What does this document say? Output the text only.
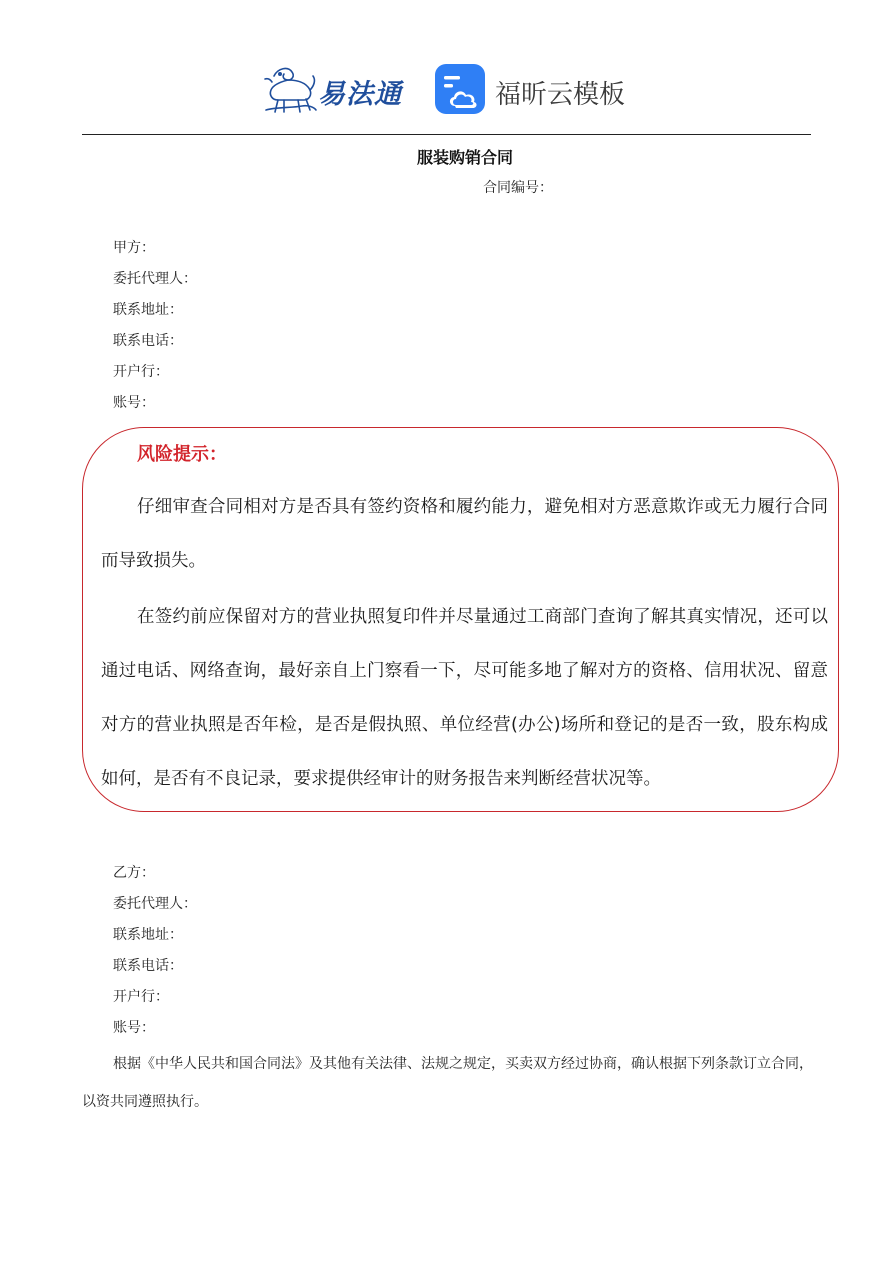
易法通	福昕云模板
服装购销合同
合同编号：
甲方：
委托代理人：
联系地址：
联系电话：
开户行：
账号：
风险提示：
仔细审查合同相对方是否具有签约资格和履约能力，避免相对方恶意欺诈或无力履行合同而导致损失。
在签约前应保留对方的营业执照复印件并尽量通过工商部门查询了解其真实情况，还可以通过电话、网络查询，最好亲自上门察看一下，尽可能多地了解对方的资格、信用状况、留意对方的营业执照是否年检，是否是假执照、单位经营(办公)场所和登记的是否一致，股东构成如何，是否有不良记录，要求提供经审计的财务报告来判断经营状况等。
乙方：
委托代理人：
联系地址：
联系电话：
开户行：
账号：
根据《中华人民共和国合同法》及其他有关法律、法规之规定，买卖双方经过协商，确认根据下列条款订立合同，以资共同遵照执行。
